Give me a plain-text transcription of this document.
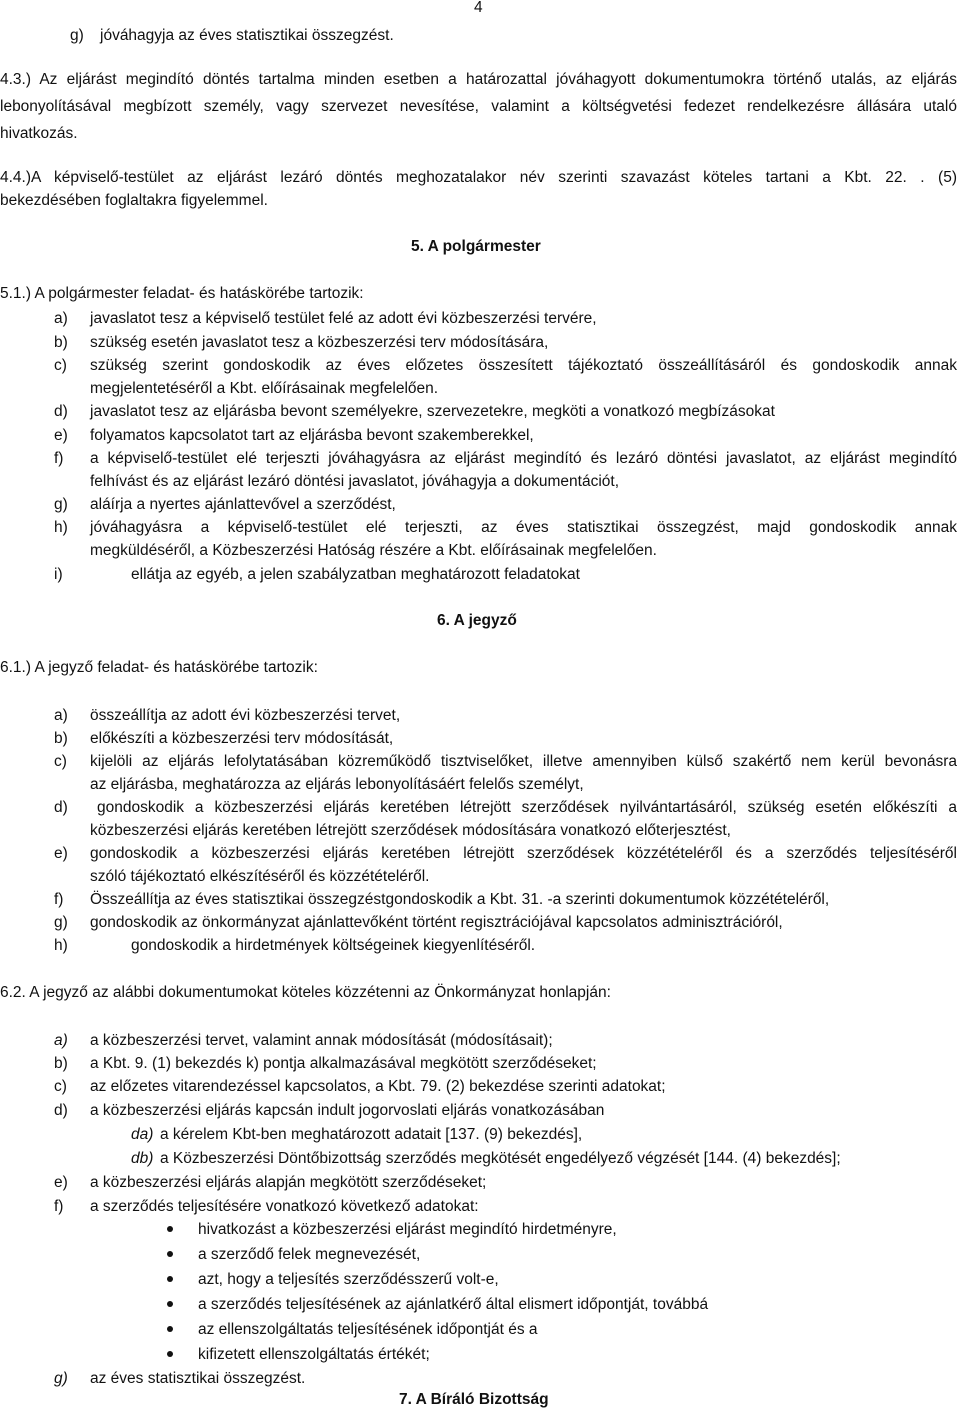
4
g) jóváhagyja az éves statisztikai összegzést.
4.3.) Az eljárást megindító döntés tartalma minden esetben a határozattal jóváhagyott dokumentumokra történő utalás, az eljárás
lebonyolításával megbízott személy, vagy szervezet nevesítése, valamint a költségvetési fedezet rendelkezésre állására utaló
hivatkozás.
4.4.)A képviselő-testület az eljárást lezáró döntés meghozatalakor név szerinti szavazást köteles tartani a Kbt. 22. . (5)
bekezdésében foglaltakra figyelemmel.
5. A polgármester
5.1.) A polgármester feladat- és hatáskörébe tartozik:
a) javaslatot tesz a képviselő testület felé az adott évi közbeszerzési tervére,
b) szükség esetén javaslatot tesz a közbeszerzési terv módosítására,
c) szükség szerint gondoskodik az éves előzetes összesített tájékoztató összeállításáról és gondoskodik annak
megjelentetéséről a Kbt. előírásainak megfelelően.
d) javaslatot tesz az eljárásba bevont személyekre, szervezetekre, megköti a vonatkozó megbízásokat
e) folyamatos kapcsolatot tart az eljárásba bevont szakemberekkel,
f) a képviselő-testület elé terjeszti jóváhagyásra az eljárást megindító és lezáró döntési javaslatot, az eljárást megindító
felhívást és az eljárást lezáró döntési javaslatot, jóváhagyja a dokumentációt,
g) aláírja a nyertes ajánlattevővel a szerződést,
h) jóváhagyásra a képviselő-testület elé terjeszti, az éves statisztikai összegzést, majd gondoskodik annak
megküldéséről, a Közbeszerzési Hatóság részére a Kbt. előírásainak megfelelően.
i)	ellátja az egyéb, a jelen szabályzatban meghatározott feladatokat
6. A jegyző
6.1.) A jegyző feladat- és hatáskörébe tartozik:
a) összeállítja az adott évi közbeszerzési tervet,
b) előkészíti a közbeszerzési terv módosítását,
c) kijelöli az eljárás lefolytatásában közreműködő tisztviselőket, illetve amennyiben külső szakértő nem kerül bevonásra
az eljárásba, meghatározza az eljárás lebonyolításáért felelős személyt,
d) gondoskodik a közbeszerzési eljárás keretében létrejött szerződések nyilvántartásáról, szükség esetén előkészíti a
közbeszerzési eljárás keretében létrejött szerződések módosítására vonatkozó előterjesztést,
e) gondoskodik a közbeszerzési eljárás keretében létrejött szerződések közzétételéről és a szerződés teljesítéséről
szóló tájékoztató elkészítéséről és közzétételéről.
f) Összeállítja az éves statisztikai összegzéstgondoskodik a Kbt. 31. -a szerinti dokumentumok közzétételéről,
g) gondoskodik az önkormányzat ajánlattevőként történt regisztrációjával kapcsolatos adminisztrációról,
h)	gondoskodik a hirdetmények költségeinek kiegyenlítéséről.
6.2. A jegyző az alábbi dokumentumokat köteles közzétenni az Önkormányzat honlapján:
a) a közbeszerzési tervet, valamint annak módosítását (módosításait);
b) a Kbt. 9. (1) bekezdés k) pontja alkalmazásával megkötött szerződéseket;
c) az előzetes vitarendezéssel kapcsolatos, a Kbt. 79. (2) bekezdése szerinti adatokat;
d) a közbeszerzési eljárás kapcsán indult jogorvoslati eljárás vonatkozásában
da) a kérelem Kbt-ben meghatározott adatait [137. (9) bekezdés],
db) a Közbeszerzési Döntőbizottság szerződés megkötését engedélyező végzését [144. (4) bekezdés];
e) a közbeszerzési eljárás alapján megkötött szerződéseket;
f) a szerződés teljesítésére vonatkozó következő adatokat:
hivatkozást a közbeszerzési eljárást megindító hirdetményre,
a szerződő felek megnevezését,
azt, hogy a teljesítés szerződésszerű volt-e,
a szerződés teljesítésének az ajánlatkérő által elismert időpontját, továbbá
az ellenszolgáltatás teljesítésének időpontját és a
kifizetett ellenszolgáltatás értékét;
g) az éves statisztikai összegzést.
7. A Bíráló Bizottság
